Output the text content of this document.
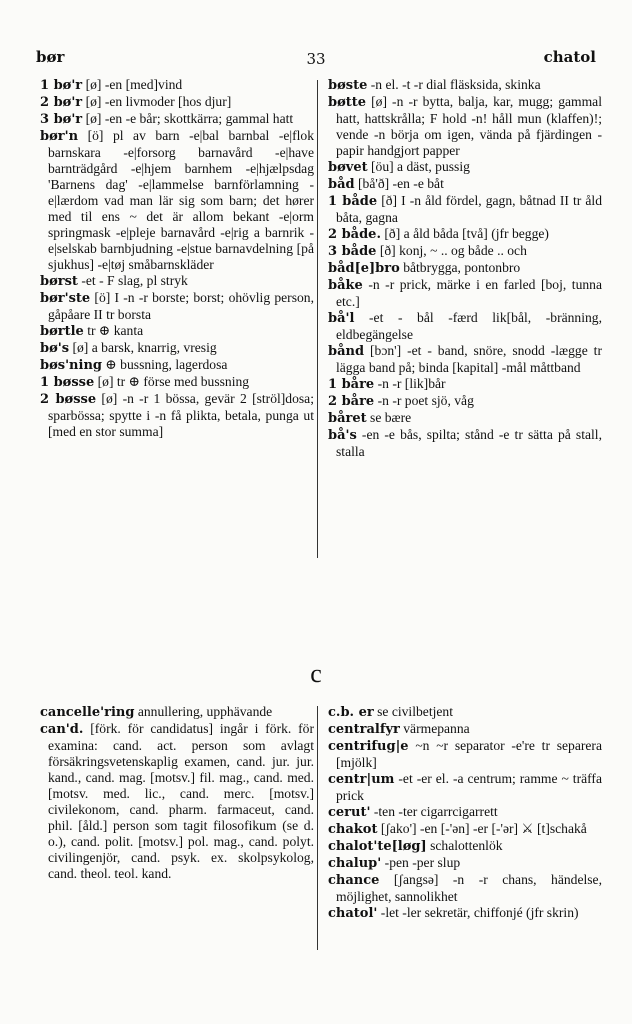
bør	33	chatol

1 bø'r [ø] -en [med]vind

2 bø'r [ø] -en livmoder [hos djur]

3 bø'r [ø] -en -e bår; skottkärra; gammal hatt

bør'n [ö] pl av barn -e|bal barnbal -e|flok barnskara -e|forsorg barnavård -e|have barnträdgård -e|hjem barnhem -e|hjælpsdag 'Barnens dag' -e|lammelse barnförlamning -e|lærdom vad man lär sig som barn; det hører med til ens ~ det är allom bekant -e|orm springmask -e|pleje barnavård -e|rig a barnrik -e|selskab barnbjudning -e|stue barnavdelning [på sjukhus] -e|tøj småbarnskläder

børst -et - F slag, pl stryk

bør'ste [ö] I -n -r borste; borst; ohövlig person, gåpåare II tr borsta

børtle tr ⊕ kanta

bø's [ø] a barsk, knarrig, vresig

bøs'ning ⊕ bussning, lagerdosa

1 bøsse [ø] tr ⊕ förse med bussning

2 bøsse [ø] -n -r 1 bössa, gevär 2 [ströl]dosa; sparbössa; spytte i -n få plikta, betala, punga ut [med en stor summa]

bøste -n el. -t -r dial fläsksida, skinka

bøtte [ø] -n -r bytta, balja, kar, mugg; gammal hatt, hattskrålla; F hold -n! håll mun (klaffen)!; vende -n börja om igen, vända på fjärdingen -papir handgjort papper

bøvet [öu] a däst, pussig

båd [bå'ð] -en -e båt

1 både [ð] I -n åld fördel, gagn, båtnad II tr åld båta, gagna

2 både. [ð] a åld båda [två] (jfr begge)

3 både [ð] konj, ~ .. og både .. och

båd[e]bro båtbrygga, pontonbro

båke -n -r prick, märke i en farled [boj, tunna etc.]

bå'l -et - bål -færd lik[bål, -bränning, eldbegängelse

bånd [bɔn'] -et - band, snöre, snodd -lægge tr lägga band på; binda [kapital] -mål måttband

1 båre -n -r [lik]bår

2 båre -n -r poet sjö, våg

båret se bære

bå's -en -e bås, spilta; stånd -e tr sätta på stall, stalla

c

cancelle'ring annullering, upphävande

can'd. [förk. för candidatus] ingår i förk. för examina: cand. act. person som avlagt försäkringsvetenskaplig examen, cand. jur. jur. kand., cand. mag. [motsv.] fil. mag., cand. med. [motsv. med. lic., cand. merc. [motsv.] civilekonom, cand. pharm. farmaceut, cand. phil. [åld.] person som tagit filosofikum (se d. o.), cand. polit. [motsv.] pol. mag., cand. polyt. civilingenjör, cand. psyk. ex. skolpsykolog, cand. theol. teol. kand.

c.b. er se civilbetjent

centralfyr värmepanna

centrifug|e ~n ~r separator -e're tr separera [mjölk]

centr|um -et -er el. -a centrum; ramme ~ träffa prick

cerut' -ten -ter cigarrcigarrett

chakot [ʃako'] -en [-'ən] -er [-'ər] ⚔ [t]schakå

chalot'te[løg] schalottenlök

chalup' -pen -per slup

chance [ʃangsə] -n -r chans, händelse, möjlighet, sannolikhet

chatol' -let -ler sekretär, chiffonjé (jfr skrin)
